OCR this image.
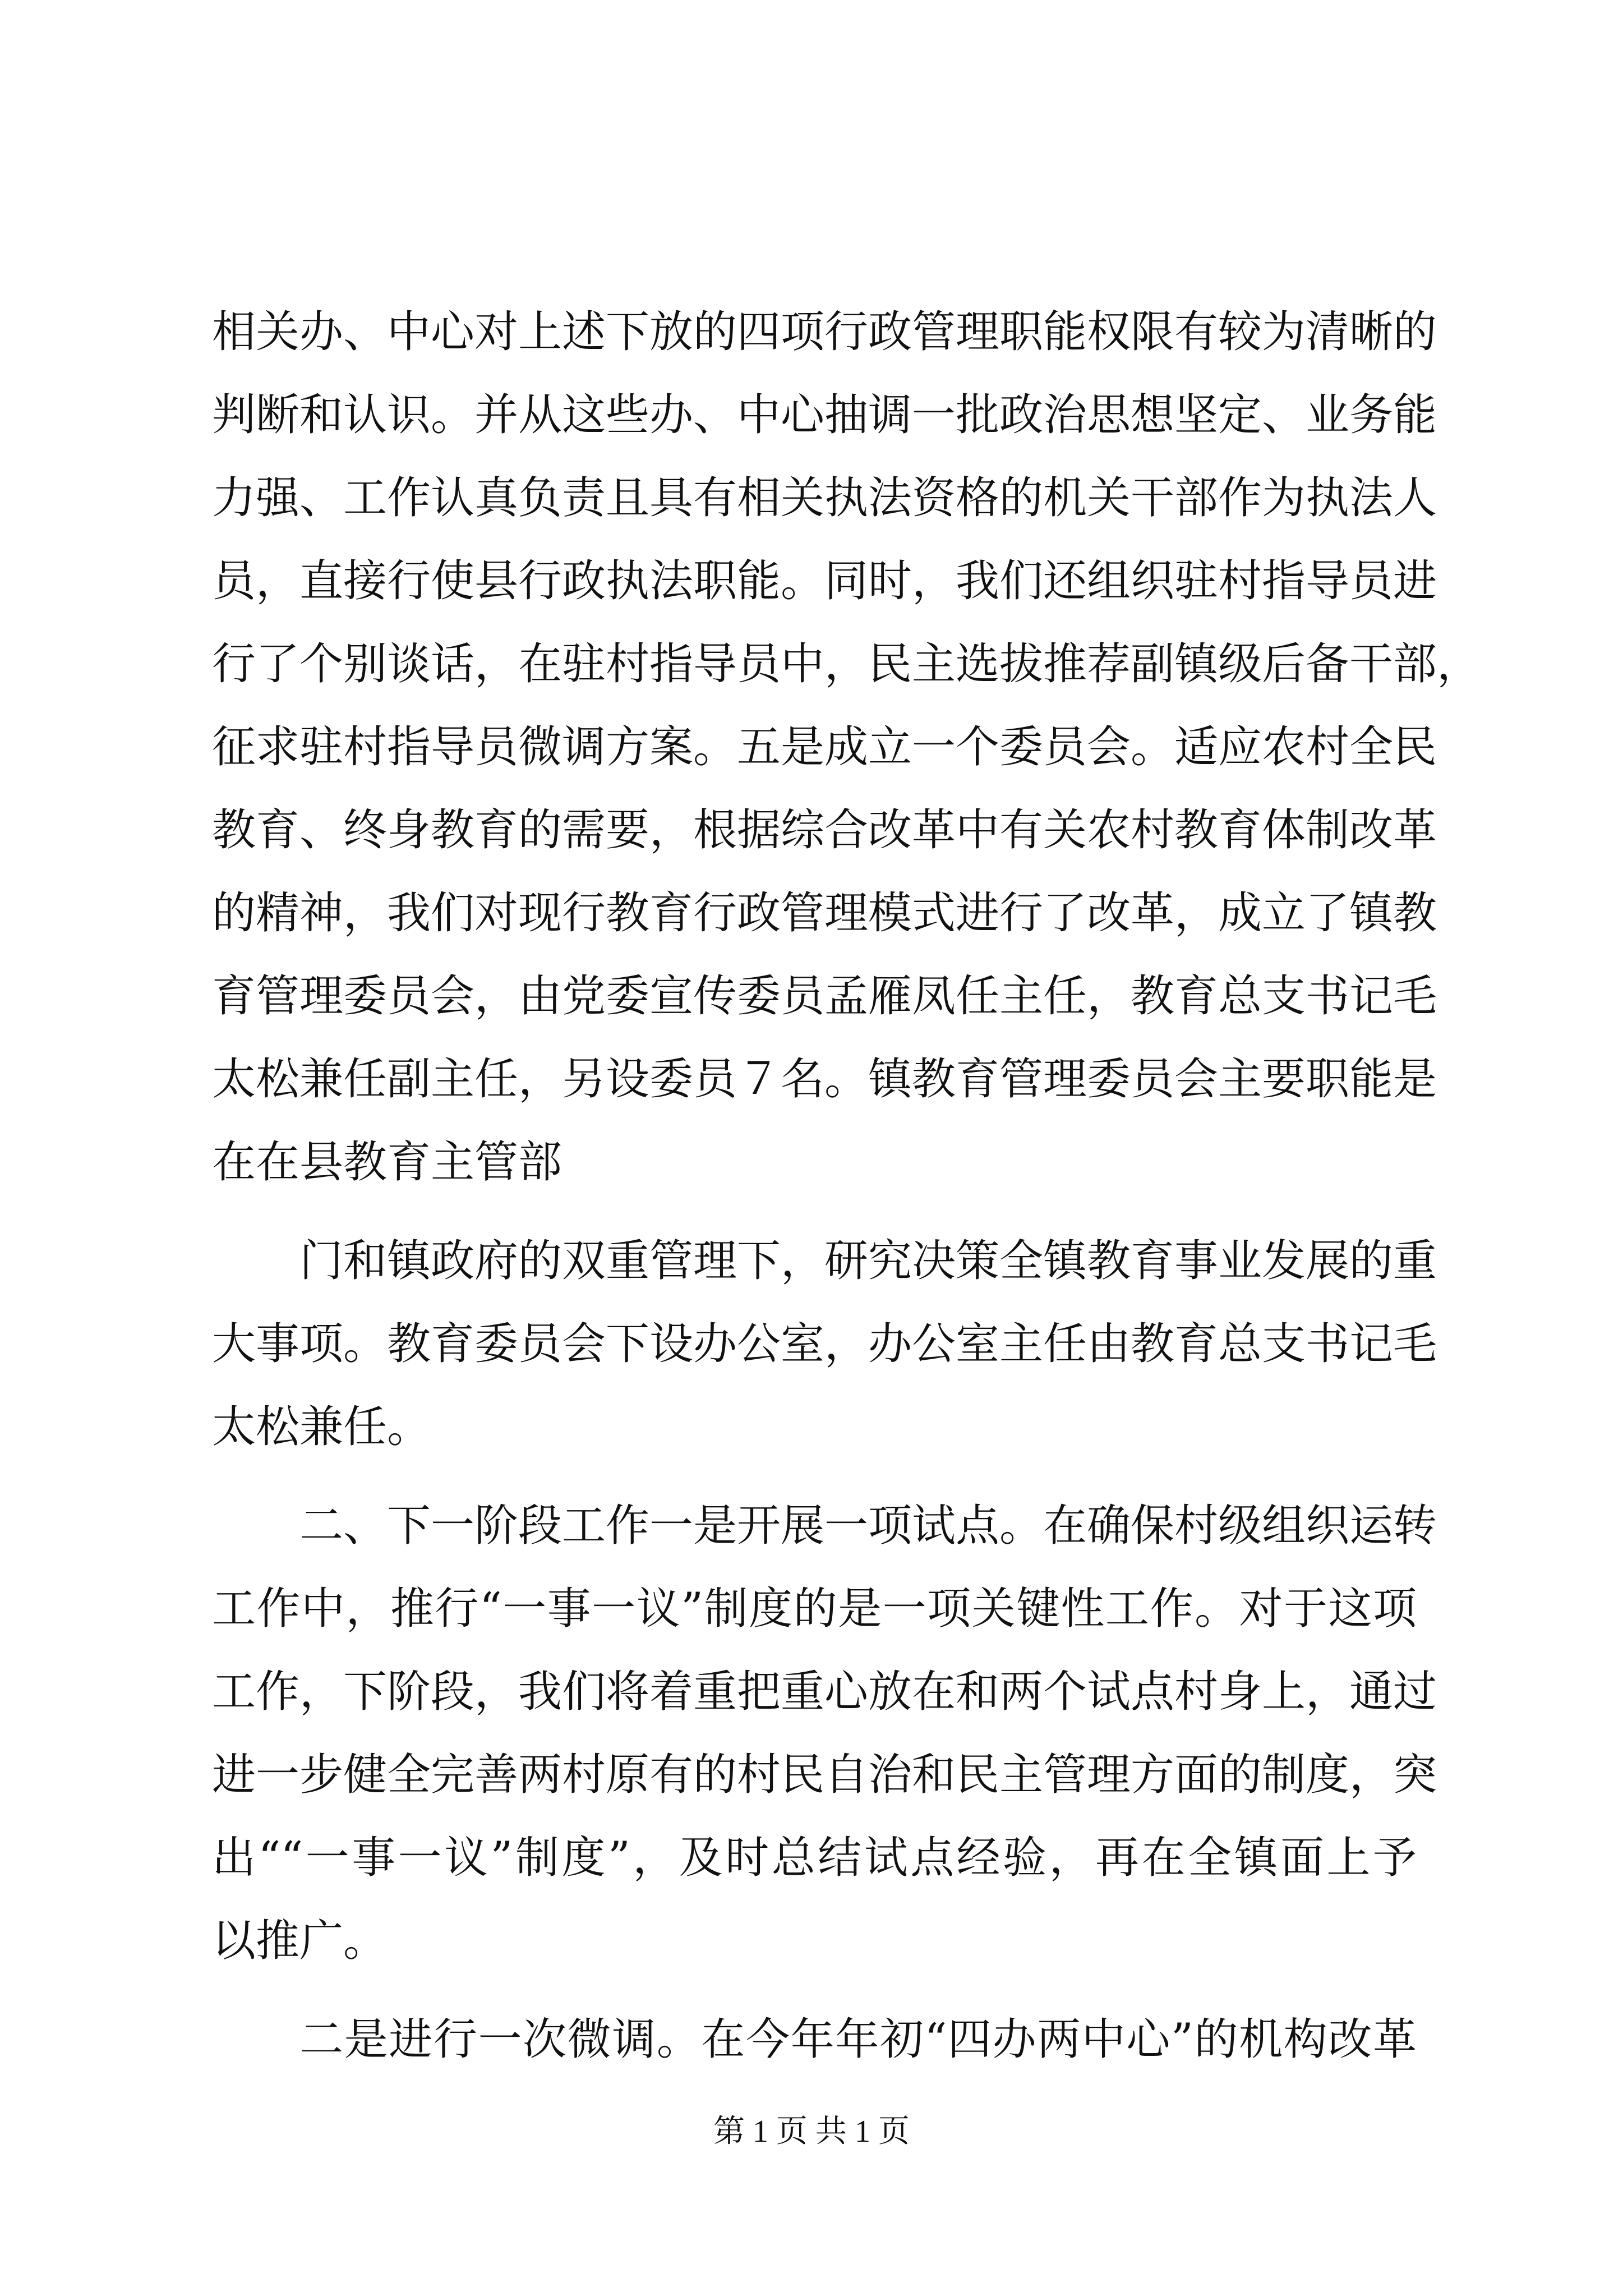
相关办、中心对上述下放的四项行政管理职能权限有较为清晰的
判断和认识。并从这些办、中心抽调一批政治思想坚定、业务能
力强、工作认真负责且具有相关执法资格的机关干部作为执法人
员，直接行使县行政执法职能。同时，我们还组织驻村指导员进
行了个别谈话，在驻村指导员中，民主选拔推荐副镇级后备干部，
征求驻村指导员微调方案。五是成立一个委员会。适应农村全民
教育、终身教育的需要，根据综合改革中有关农村教育体制改革
的精神，我们对现行教育行政管理模式进行了改革，成立了镇教
育管理委员会，由党委宣传委员孟雁凤任主任，教育总支书记毛
太松兼任副主任，另设委员７名。镇教育管理委员会主要职能是
在在县教育主管部
门和镇政府的双重管理下，研究决策全镇教育事业发展的重
大事项。教育委员会下设办公室，办公室主任由教育总支书记毛
太松兼任。
二、下一阶段工作一是开展一项试点。在确保村级组织运转
工作中，推行“一事一议”制度的是一项关键性工作。对于这项
工作，下阶段，我们将着重把重心放在和两个试点村身上，通过
进一步健全完善两村原有的村民自治和民主管理方面的制度，突
出““一事一议”制度”，及时总结试点经验，再在全镇面上予
以推广。
二是进行一次微调。在今年年初“四办两中心”的机构改革
第 1 页 共 1 页
